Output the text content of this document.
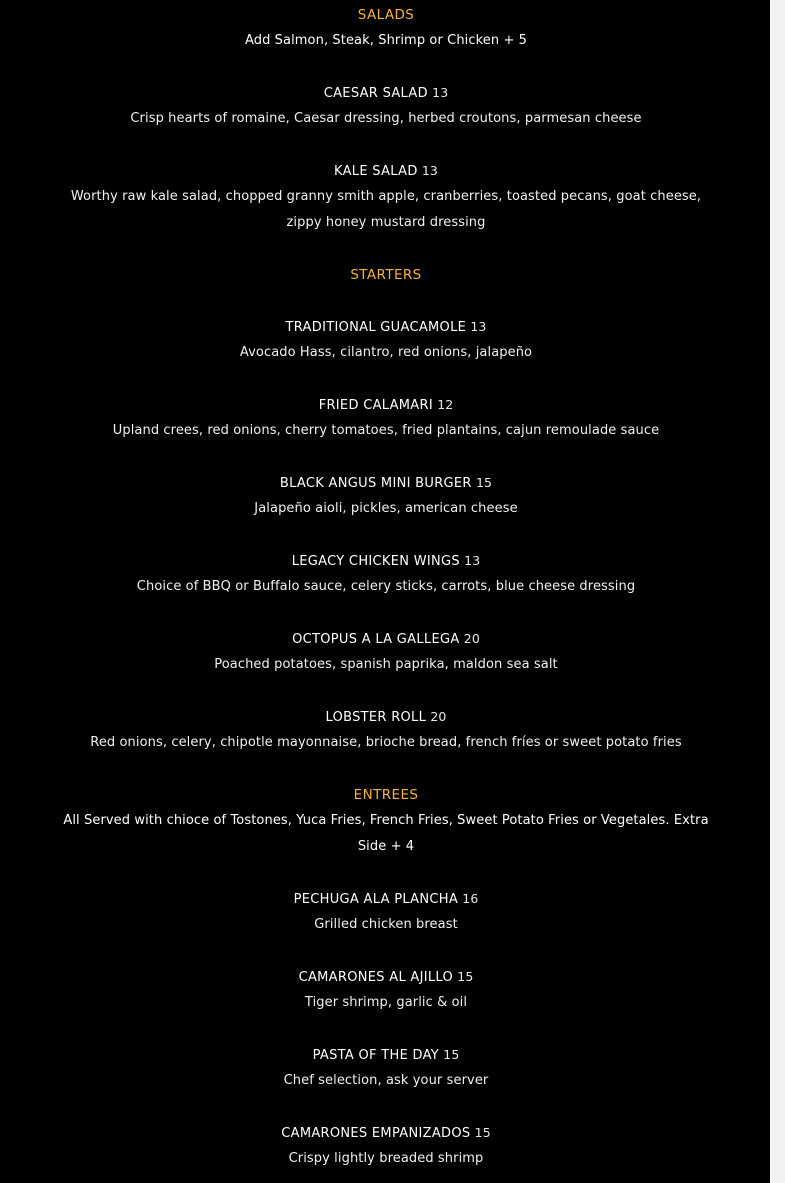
SALADS
Add Salmon, Steak, Shrimp or Chicken + 5
CAESAR SALAD 13
Crisp hearts of romaine, Caesar dressing, herbed croutons, parmesan cheese
KALE SALAD 13
Worthy raw kale salad, chopped granny smith apple, cranberries, toasted pecans, goat cheese,
zippy honey mustard dressing
STARTERS
TRADITIONAL GUACAMOLE 13
Avocado Hass, cilantro, red onions, jalapeño
FRIED CALAMARI 12
Upland crees, red onions, cherry tomatoes, fried plantains, cajun remoulade sauce
BLACK ANGUS MINI BURGER 15
Jalapeño aioli, pickles, american cheese
LEGACY CHICKEN WINGS 13
Choice of BBQ or Buffalo sauce, celery sticks, carrots, blue cheese dressing
OCTOPUS A LA GALLEGA 20
Poached potatoes, spanish paprika, maldon sea salt
LOBSTER ROLL 20
Red onions, celery, chipotle mayonnaise, brioche bread, french fríes or sweet potato fries
ENTREES
All Served with chioce of Tostones, Yuca Fries, French Fries, Sweet Potato Fries or Vegetales. Extra
Side + 4
PECHUGA ALA PLANCHA 16
Grilled chicken breast
CAMARONES AL AJILLO 15
Tiger shrimp, garlic & oil
PASTA OF THE DAY 15
Chef selection, ask your server
CAMARONES EMPANIZADOS 15
Crispy lightly breaded shrimp
